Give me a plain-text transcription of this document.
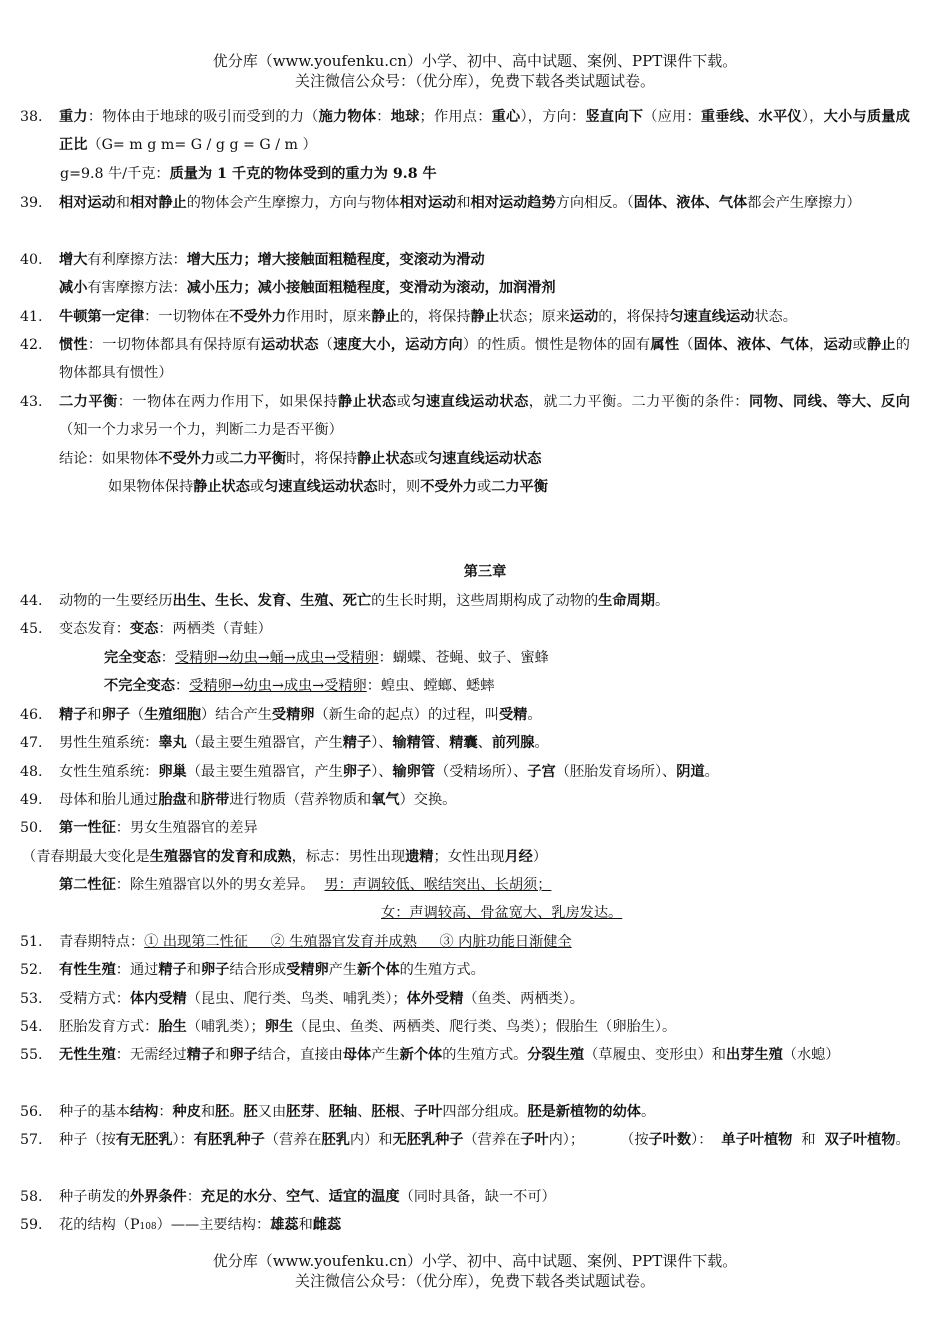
优分库（www.youfenku.cn）小学、初中、高中试题、案例、PPT课件下载。
关注微信公众号：（优分库），免费下载各类试题试卷。
38.	重力：物体由于地球的吸引而受到的力（施力物体：地球；作用点：重心），方向：竖直向下（应用：重垂线、水平仪），大小与质量成正比（G= m g m= G / g g = G / m ）
g=9.8 牛/千克：质量为 1 千克的物体受到的重力为 9.8 牛
39.	相对运动和相对静止的物体会产生摩擦力，方向与物体相对运动和相对运动趋势方向相反。（固体、液体、气体都会产生摩擦力）
40.	增大有利摩擦方法：增大压力；增大接触面粗糙程度，变滚动为滑动
减小有害摩擦方法：减小压力；减小接触面粗糙程度，变滑动为滚动，加润滑剂
41.	牛顿第一定律：一切物体在不受外力作用时，原来静止的，将保持静止状态；原来运动的，将保持匀速直线运动状态。
42.	惯性：一切物体都具有保持原有运动状态（速度大小，运动方向）的性质。惯性是物体的固有属性（固体、液体、气体，运动或静止的物体都具有惯性）
43.	二力平衡：一物体在两力作用下，如果保持静止状态或匀速直线运动状态，就二力平衡。二力平衡的条件：同物、同线、等大、反向（知一个力求另一个力，判断二力是否平衡）
结论：如果物体不受外力或二力平衡时，将保持静止状态或匀速直线运动状态
如果物体保持静止状态或匀速直线运动状态时，则不受外力或二力平衡
第三章
44.	动物的一生要经历出生、生长、发育、生殖、死亡的生长时期，这些周期构成了动物的生命周期。
45.	变态发育：变态：两栖类（青蛙）
完全变态：受精卵→幼虫→蛹→成虫→受精卵：蝴蝶、苍蝇、蚊子、蜜蜂
不完全变态：受精卵→幼虫→成虫→受精卵：蝗虫、螳螂、蟋蟀
46.	精子和卵子（生殖细胞）结合产生受精卵（新生命的起点）的过程，叫受精。
47.	男性生殖系统：睾丸（最主要生殖器官，产生精子）、输精管、精囊、前列腺。
48.	女性生殖系统：卵巢（最主要生殖器官，产生卵子）、输卵管（受精场所）、子宫（胚胎发育场所）、阴道。
49.	母体和胎儿通过胎盘和脐带进行物质（营养物质和氧气）交换。
50.	第一性征：男女生殖器官的差异
（青春期最大变化是生殖器官的发育和成熟，标志：男性出现遗精；女性出现月经）
第二性征：除生殖器官以外的男女差异。 男：声调较低、喉结突出、长胡须；
女：声调较高、骨盆宽大、乳房发达。
51.	青春期特点：① 出现第二性征     ② 生殖器官发育并成熟     ③ 内脏功能日渐健全
52.	有性生殖：通过精子和卵子结合形成受精卵产生新个体的生殖方式。
53.	受精方式：体内受精（昆虫、爬行类、鸟类、哺乳类）；体外受精（鱼类、两栖类）。
54.	胚胎发育方式：胎生（哺乳类）；卵生（昆虫、鱼类、两栖类、爬行类、鸟类）；假胎生（卵胎生）。
55.	无性生殖：无需经过精子和卵子结合，直接由母体产生新个体的生殖方式。分裂生殖（草履虫、变形虫）和出芽生殖（水螅）
56.	种子的基本结构：种皮和胚。胚又由胚芽、胚轴、胚根、子叶四部分组成。胚是新植物的幼体。
57.	种子（按有无胚乳）：有胚乳种子（营养在胚乳内）和无胚乳种子（营养在子叶内）；        （按子叶数）：  单子叶植物  和  双子叶植物。
58.	种子萌发的外界条件：充足的水分、空气、适宜的温度（同时具备，缺一不可）
59.	花的结构（P108）——主要结构：雄蕊和雌蕊
优分库（www.youfenku.cn）小学、初中、高中试题、案例、PPT课件下载。
关注微信公众号：（优分库），免费下载各类试题试卷。
